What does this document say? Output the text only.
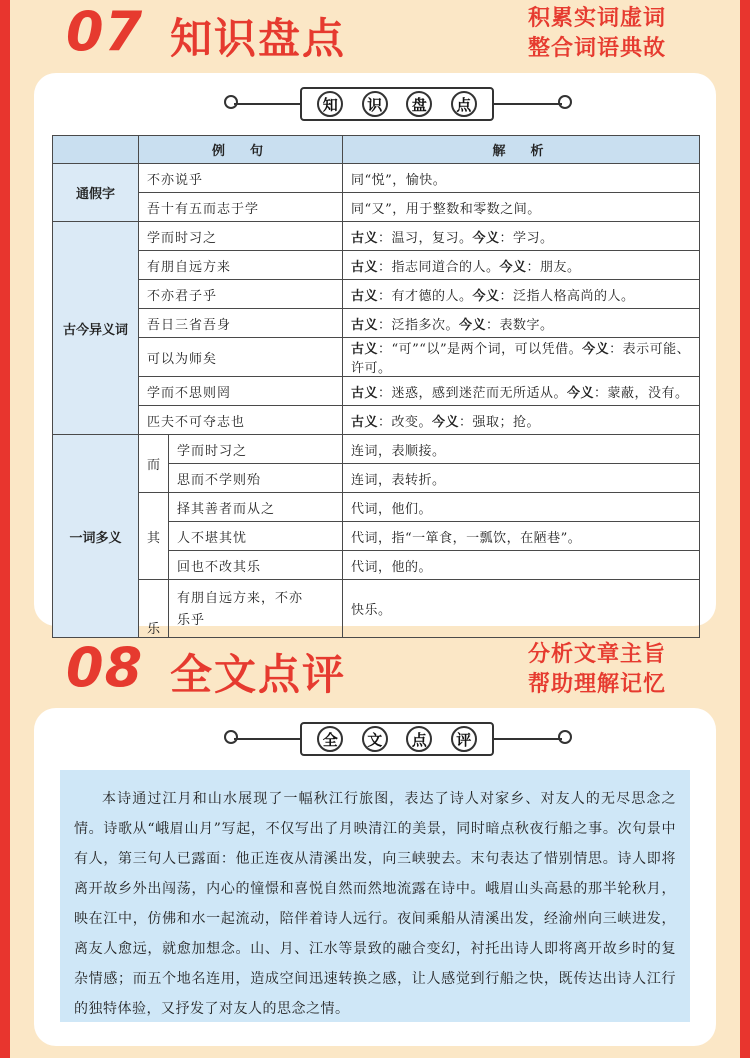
07 知识盘点	积累实词虚词
整合词语典故
知	识	盘	点
	例　句		解　析
通假字	不亦说乎		同“悦”，愉快。
	吾十有五而志于学		同“又”，用于整数和零数之间。
古今异义词	学而时习之		古义：温习，复习。今义：学习。
	有朋自远方来		古义：指志同道合的人。今义：朋友。
	不亦君子乎		古义：有才德的人。今义：泛指人格高尚的人。
	吾日三省吾身		古义：泛指多次。今义：表数字。
	可以为师矣		古义：“可”“以”是两个词，可以凭借。今义：表示可能、许可。
	学而不思则罔		古义：迷惑，感到迷茫而无所适从。今义：蒙蔽，没有。
	匹夫不可夺志也		古义：改变。今义：强取；抢。
一词多义	而	学而时习之	连词，表顺接。
		思而不学则殆	连词，表转折。
	其	择其善者而从之	代词，他们。
		人不堪其忧	代词，指“一箪食，一瓢饮，在陋巷”。
		回也不改其乐	代词，他的。
	乐	有朋自远方来，不亦
乐乎	快乐。
08 全文点评	分析文章主旨
帮助理解记忆
全	文	点	评
本诗通过江月和山水展现了一幅秋江行旅图，表达了诗人对家乡、对友人的无尽思念之情。诗歌从“峨眉山月”写起，不仅写出了月映清江的美景，同时暗点秋夜行船之事。次句景中有人，第三句人已露面：他正连夜从清溪出发，向三峡驶去。末句表达了惜别情思。诗人即将离开故乡外出闯荡，内心的憧憬和喜悦自然而然地流露在诗中。峨眉山头高悬的那半轮秋月，映在江中，仿佛和水一起流动，陪伴着诗人远行。夜间乘船从清溪出发，经渝州向三峡进发，离友人愈远，就愈加想念。山、月、江水等景致的融合变幻，衬托出诗人即将离开故乡时的复杂情感；而五个地名连用，造成空间迅速转换之感，让人感觉到行船之快，既传达出诗人江行的独特体验，又抒发了对友人的思念之情。
